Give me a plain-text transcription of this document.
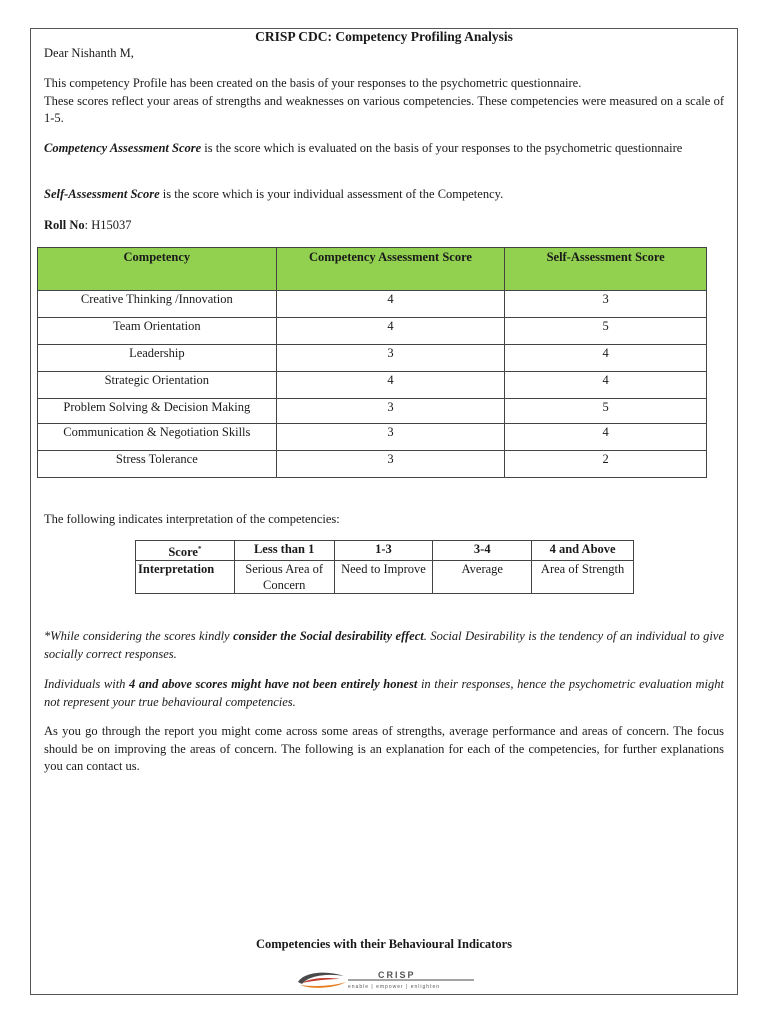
CRISP CDC: Competency Profiling Analysis
Dear Nishanth M,

This competency Profile has been created on the basis of your responses to the psychometric questionnaire.

These scores reflect your areas of strengths and weaknesses on various competencies. These competencies were measured on a scale of 1-5.

Competency Assessment Score is the score which is evaluated on the basis of your responses to the psychometric questionnaire
Self-Assessment Score is the score which is your individual assessment of the Competency.
Roll No: H15037
Competency	Competency Assessment Score	Self-Assessment Score
Creative Thinking /Innovation	4	3
Team Orientation	4	5
Leadership	3	4
Strategic Orientation	4	4
Problem Solving & Decision Making	3	5
Communication & Negotiation Skills	3	4
Stress Tolerance	3	2
The following indicates interpretation of the competencies:
Score*	Less than 1	1-3	3-4	4 and Above
Interpretation	Serious Area of Concern	Need to Improve	Average	Area of Strength
*While considering the scores kindly consider the Social desirability effect. Social Desirability is the tendency of an individual to give socially correct responses.
Individuals with 4 and above scores might have not been entirely honest in their responses, hence the psychometric evaluation might not represent your true behavioural competencies.
As you go through the report you might come across some areas of strengths, average performance and areas of concern. The focus should be on improving the areas of concern. The following is an explanation for each of the competencies, for further explanations you can contact us.
Competencies with their Behavioural Indicators
CRISP
enable | empower | enlighten
